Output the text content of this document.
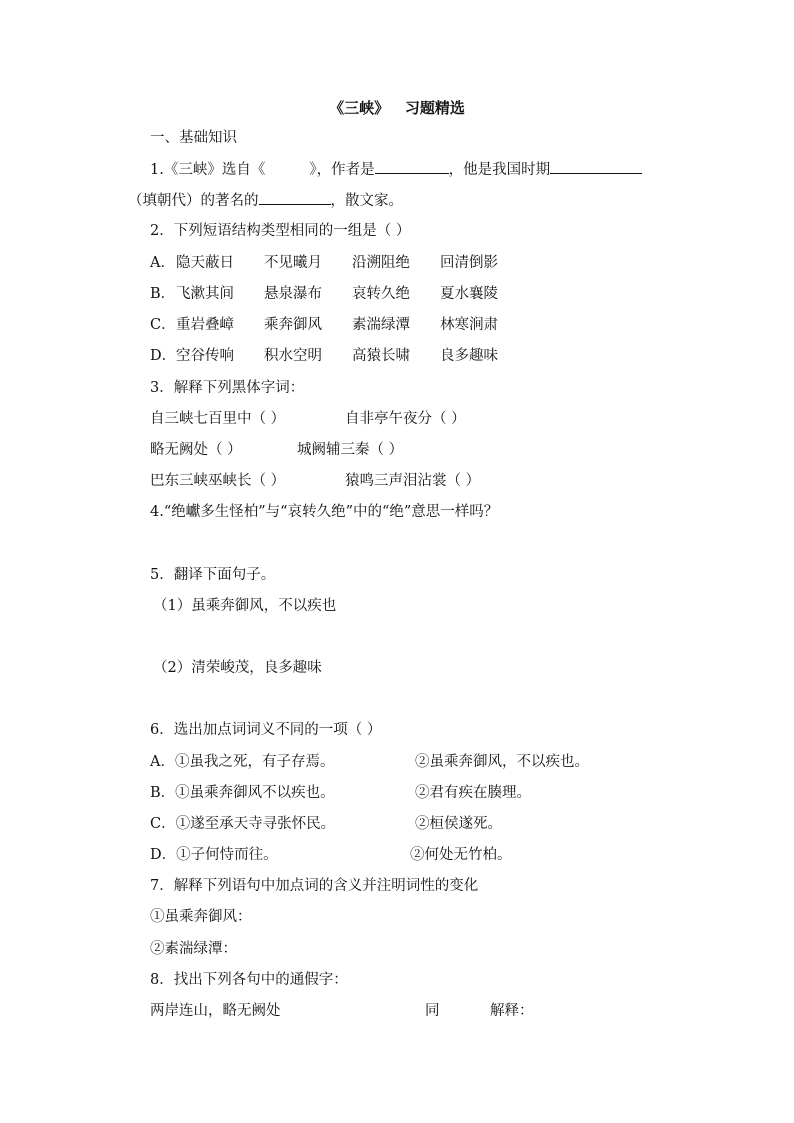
《三峡》   习题精选
一、基础知识
1.《三峡》选自《	》，作者是	，他是我国时期
（填朝代）的著名的	，散文家。
2．下列短语结构类型相同的一组是（ ）
A． 隐天蔽日 不见曦月 沿溯阻绝 回清倒影
B． 飞漱其间 悬泉瀑布 哀转久绝 夏水襄陵
C． 重岩叠嶂 乘奔御风 素湍绿潭 林寒涧肃
D． 空谷传响 积水空明 高猿长啸 良多趣味
3．解释下列黑体字词：
自三峡七百里中（ ）	自非亭午夜分（ ）
略无阙处（ ）	城阙辅三秦（ ）
巴东三峡巫峡长（ ）	猿鸣三声泪沾裳（ ）
4.“绝巘多生怪柏”与“哀转久绝”中的“绝”意思一样吗？
5．翻译下面句子。
（1）虽乘奔御风，不以疾也
（2）清荣峻茂，良多趣味
6．选出加点词词义不同的一项（ ）
A．①虽我之死，有子存焉。	②虽乘奔御风，不以疾也。
B．①虽乘奔御风不以疾也。	②君有疾在腠理。
C．①遂至承天寺寻张怀民。	②桓侯遂死。
D．①子何恃而往。	②何处无竹柏。
7．解释下列语句中加点词的含义并注明词性的变化
①虽乘奔御风：
②素湍绿潭：
8．找出下列各句中的通假字：
两岸连山，略无阙处	同	解释：
